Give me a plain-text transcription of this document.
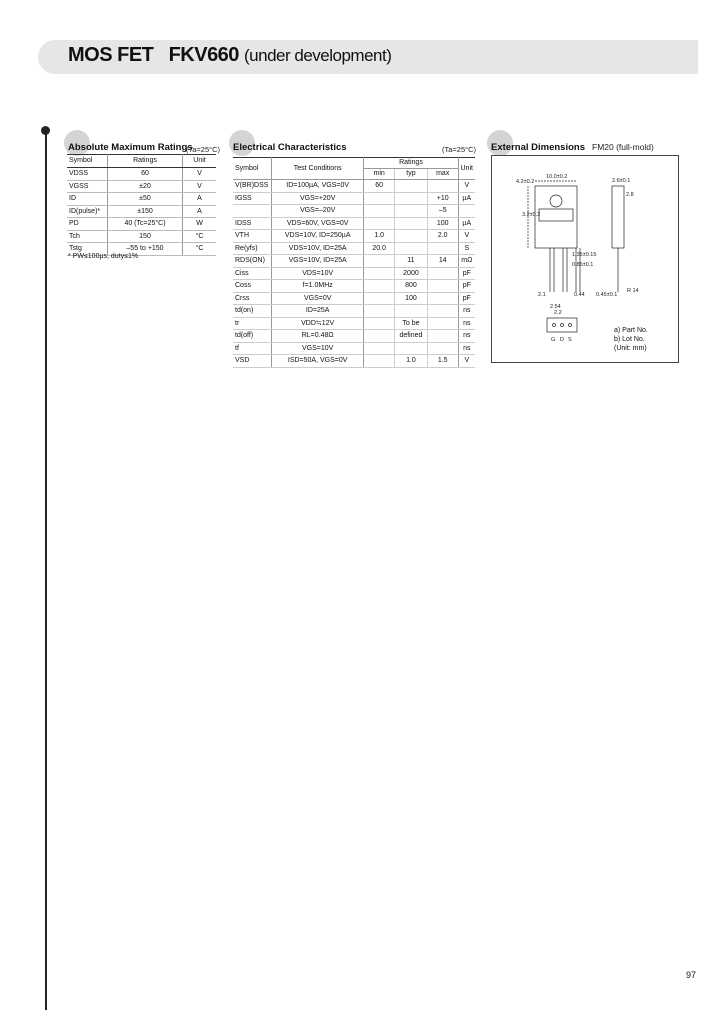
MOS FET FKV660 (under development)
Absolute Maximum Ratings
(Ta=25°C)
Symbol	Ratings	Unit
VDSS	60	V
VGSS	±20	V
ID	±50	A
ID(pulse)*	±150	A
PD	40 (Tc=25°C)	W
Tch	150	°C
Tstg	–55 to +150	°C
* PW≤100µs, duty≤1%
Electrical Characteristics	(Ta=25°C)
Symbol	Test Conditions	Ratings			Unit
		min	typ	max	
V(BR)DSS	ID=100µA, VGS=0V	60			V
IGSS	VGS=+20V			+10	µA
	VGS=–20V			–5	
IDSS	VDS=60V, VGS=0V			100	µA
VTH	VDS=10V, ID=250µA	1.0		2.0	V
Re(yfs)	VDS=10V, ID=25A	20.0			S
RDS(ON)	VGS=10V, ID=25A		11	14	mΩ
Ciss	VDS=10V		2000		pF
Coss	f=1.0MHz		800		pF
Crss	VGS=0V		100		pF
td(on)	ID=25A				ns
tr	VDD≒12V		To be		ns
td(off)	RL=0.48Ω		defined		ns
tf	VGS=10V				ns
VSD	ISD=50A, VGS=0V		1.0	1.5	V
External Dimensions FM20 (full-mold)
10.0±0.2
4.2±0.2	2.6±0.1
2.8
3.2±0.2
1.35±0.15
0.85±0.1
2.1	0.44
2.54
0.45±0.1
R 14
2.2
G D S
a) Part No.
b) Lot No.
(Unit: mm)
97
